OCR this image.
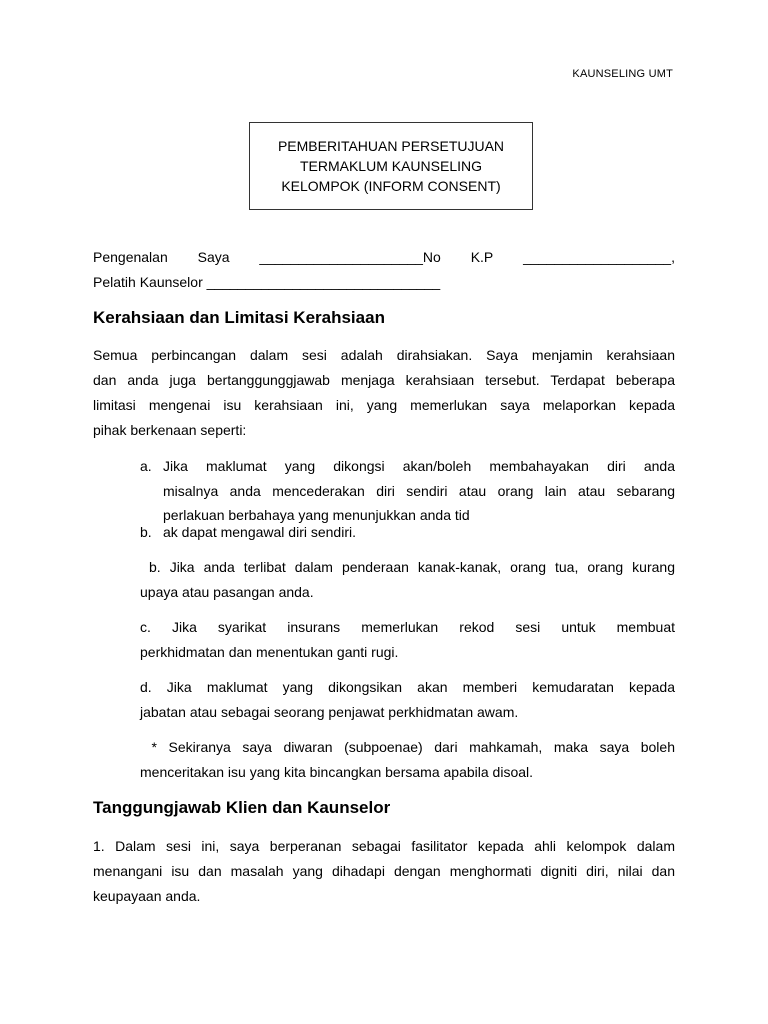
KAUNSELING UMT
PEMBERITAHUAN PERSETUJUAN
TERMAKLUM KAUNSELING
KELOMPOK (INFORM CONSENT)
Pengenalan Saya _____________________No K.P ___________________,
Pelatih Kaunselor ______________________________
Kerahsiaan dan Limitasi Kerahsiaan
Semua perbincangan dalam sesi adalah dirahsiakan. Saya menjamin kerahsiaan
dan anda juga bertanggunggjawab menjaga kerahsiaan tersebut. Terdapat beberapa
limitasi mengenai isu kerahsiaan ini, yang memerlukan saya melaporkan kepada
pihak berkenaan seperti:
a. Jika maklumat yang dikongsi akan/boleh membahayakan diri anda
misalnya anda mencederakan diri sendiri atau orang lain atau sebarang
perlakuan berbahaya yang menunjukkan anda tid
b. ak dapat mengawal diri sendiri.
b. Jika anda terlibat dalam penderaan kanak-kanak, orang tua, orang kurang
upaya atau pasangan anda.
c. Jika syarikat insurans memerlukan rekod sesi untuk membuat
perkhidmatan dan menentukan ganti rugi.
d. Jika maklumat yang dikongsikan akan memberi kemudaratan kepada
jabatan atau sebagai seorang penjawat perkhidmatan awam.
* Sekiranya saya diwaran (subpoenae) dari mahkamah, maka saya boleh
menceritakan isu yang kita bincangkan bersama apabila disoal.
Tanggungjawab Klien dan Kaunselor
1. Dalam sesi ini, saya berperanan sebagai fasilitator kepada ahli kelompok dalam
menangani isu dan masalah yang dihadapi dengan menghormati digniti diri, nilai dan
keupayaan anda.
